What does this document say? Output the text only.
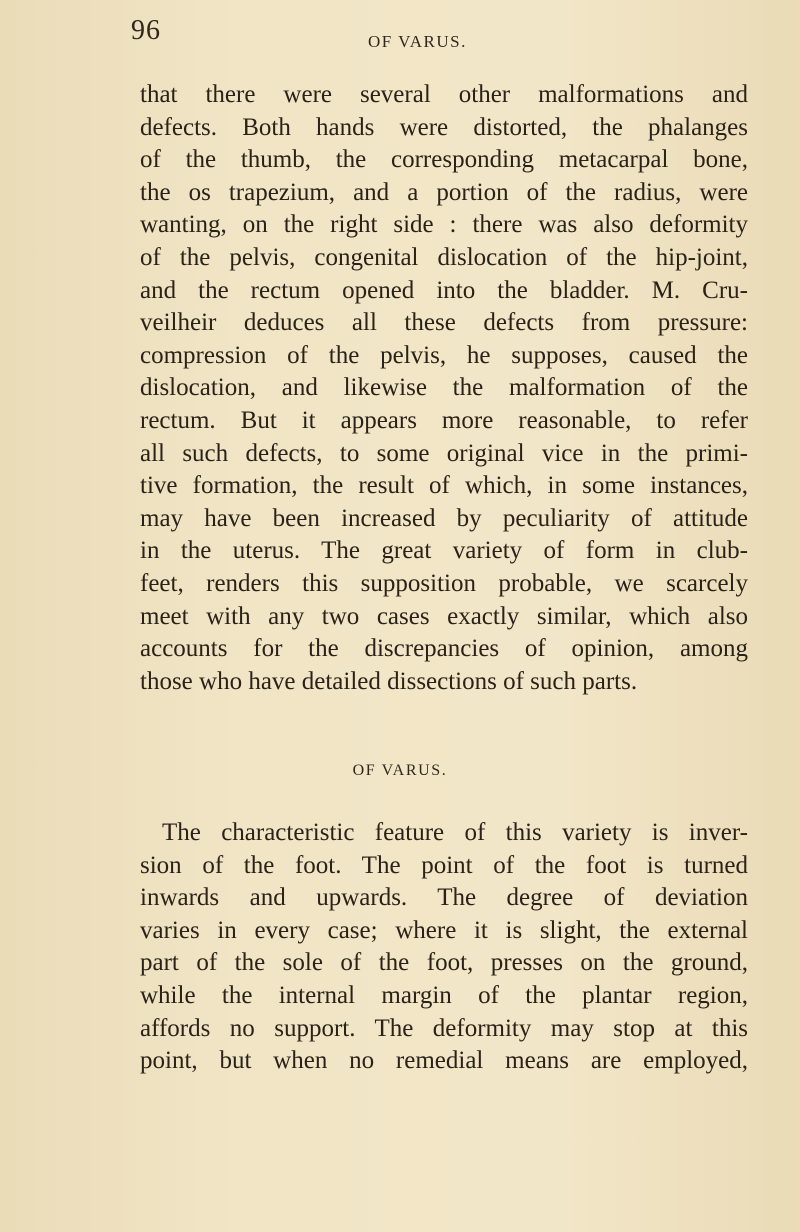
96	OF VARUS.
that there were several other malformations and
defects. Both hands were distorted, the phalanges
of the thumb, the corresponding metacarpal bone,
the os trapezium, and a portion of the radius, were
wanting, on the right side : there was also deformity
of the pelvis, congenital dislocation of the hip-joint,
and the rectum opened into the bladder. M. Cru-
veilheir deduces all these defects from pressure:
compression of the pelvis, he supposes, caused the
dislocation, and likewise the malformation of the
rectum. But it appears more reasonable, to refer
all such defects, to some original vice in the primi-
tive formation, the result of which, in some instances,
may have been increased by peculiarity of attitude
in the uterus. The great variety of form in club-
feet, renders this supposition probable, we scarcely
meet with any two cases exactly similar, which also
accounts for the discrepancies of opinion, among
those who have detailed dissections of such parts.
OF VARUS.
The characteristic feature of this variety is inver-
sion of the foot. The point of the foot is turned
inwards and upwards. The degree of deviation
varies in every case; where it is slight, the external
part of the sole of the foot, presses on the ground,
while the internal margin of the plantar region,
affords no support. The deformity may stop at this
point, but when no remedial means are employed,
